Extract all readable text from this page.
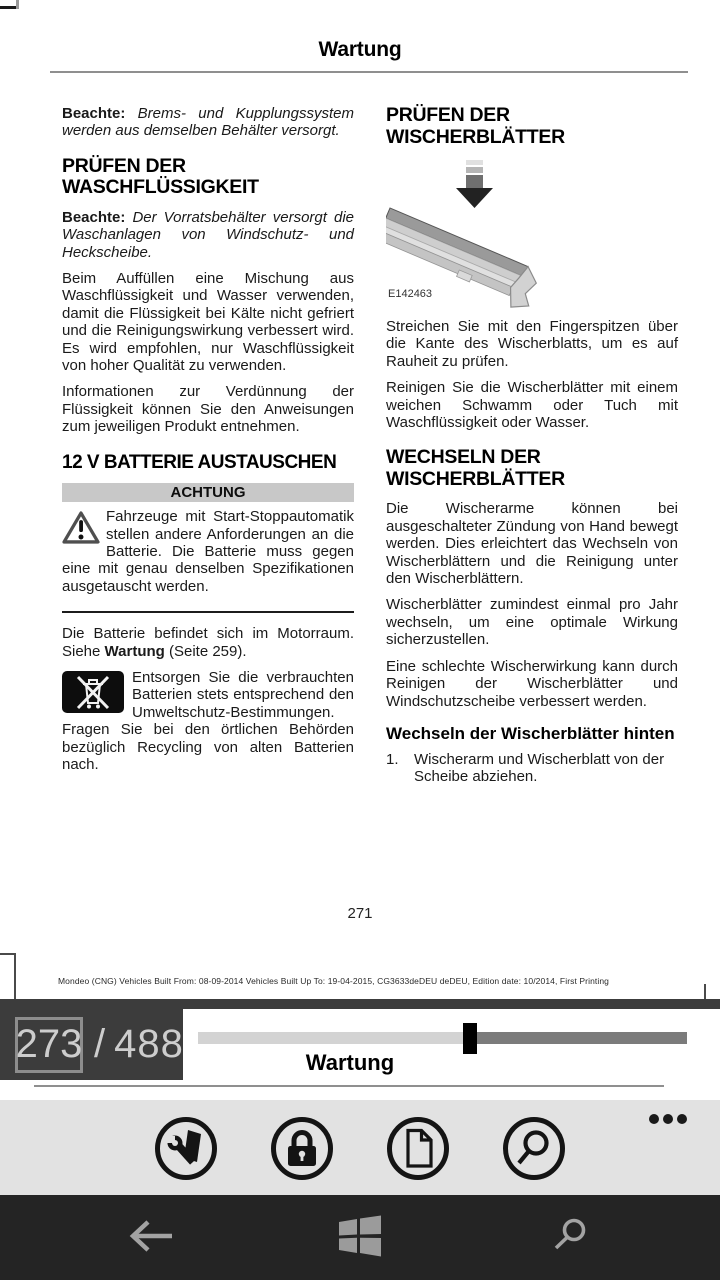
Wartung

Beachte: Brems- und Kupplungssystem werden aus demselben Behälter versorgt.

PRÜFEN DER WASCHFLÜSSIGKEIT

Beachte: Der Vorratsbehälter versorgt die Waschanlagen von Windschutz- und Heckscheibe.

Beim Auffüllen eine Mischung aus Waschflüssigkeit und Wasser verwenden, damit die Flüssigkeit bei Kälte nicht gefriert und die Reinigungswirkung verbessert wird. Es wird empfohlen, nur Waschflüssigkeit von hoher Qualität zu verwenden.

Informationen zur Verdünnung der Flüssigkeit können Sie den Anweisungen zum jeweiligen Produkt entnehmen.

12 V BATTERIE AUSTAUSCHEN
ACHTUNG

Fahrzeuge mit Start-Stoppautomatik stellen andere Anforderungen an die Batterie. Die Batterie muss gegen eine mit genau denselben Spezifikationen ausgetauscht werden.

Die Batterie befindet sich im Motorraum. Siehe Wartung (Seite 259).

Entsorgen Sie die verbrauchten Batterien stets entsprechend den Umweltschutz-Bestimmungen.

Fragen Sie bei den örtlichen Behörden bezüglich Recycling von alten Batterien nach.

PRÜFEN DER WISCHERBLÄTTER
E142463

Streichen Sie mit den Fingerspitzen über die Kante des Wischerblatts, um es auf Rauheit zu prüfen.

Reinigen Sie die Wischerblätter mit einem weichen Schwamm oder Tuch mit Waschflüssigkeit oder Wasser.

WECHSELN DER WISCHERBLÄTTER

Die Wischerarme können bei ausgeschalteter Zündung von Hand bewegt werden. Dies erleichtert das Wechseln von Wischerblättern und die Reinigung unter den Wischerblättern.

Wischerblätter zumindest einmal pro Jahr wechseln, um eine optimale Wirkung sicherzustellen.

Eine schlechte Wischerwirkung kann durch Reinigen der Wischerblätter und Windschutzscheibe verbessert werden.

Wechseln der Wischerblätter hinten
1.	Wischerarm und Wischerblatt von der Scheibe abziehen.
271
Mondeo (CNG) Vehicles Built From: 08-09-2014 Vehicles Built Up To: 19-04-2015, CG3633deDEU deDEU, Edition date: 10/2014, First Printing
Wartung
273 / 488
